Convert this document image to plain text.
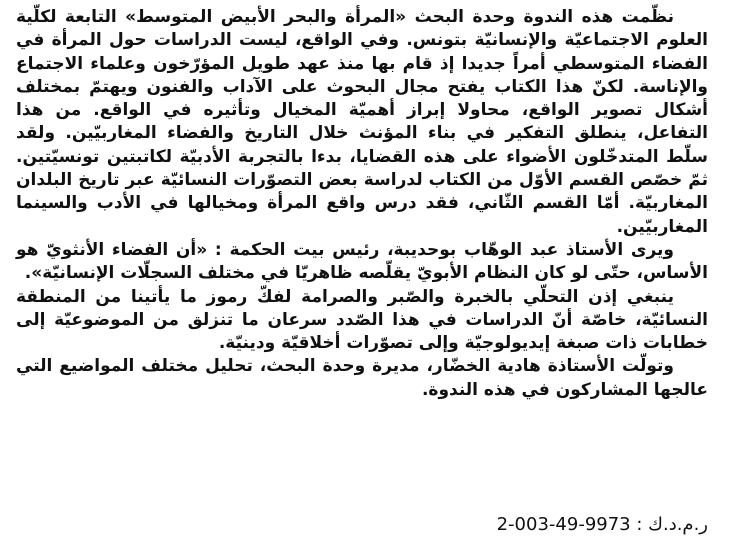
نظّمت هذه الندوة وحدة البحث «المرأة والبحر الأبيض المتوسط» التابعة لكلّية العلوم الاجتماعيّة والإنسانيّة بتونس. وفي الواقع، ليست الدراسات حول المرأة في الفضاء المتوسطي أمراً جديدا إذ قام بها منذ عهد طويل المؤرّخون وعلماء الاجتماع والإناسة. لكنّ هذا الكتاب يفتح مجال البحوث على الآداب والفنون ويهتمّ بمختلف أشكال تصوير الواقع، محاولا إبراز أهميّة المخيال وتأثيره في الواقع. من هذا التفاعل، ينطلق التفكير في بناء المؤنث خلال التاريخ والفضاء المغاربيّين. ولقد سلّط المتدخّلون الأضواء على هذه القضايا، بدءا بالتجربة الأدبيّة لكاتبتين تونسيّتين. ثمّ خصّص القسم الأوّل من الكتاب لدراسة بعض التصوّرات النسائيّة عبر تاريخ البلدان المغاربيّة. أمّا القسم الثّاني، فقد درس واقع المرأة ومخيالها في الأدب والسينما المغاربيّين.

ويرى الأستاذ عبد الوهّاب بوحديبة، رئيس بيت الحكمة : «أن الفضاء الأنثويّ هو الأساس، حتّى لو كان النظام الأبويّ يقلّصه ظاهريّا في مختلف السجلّات الإنسانيّة».

ينبغي إذن التحلّي بالخبرة والصّبر والصرامة لفكّ رموز ما يأتينا من المنطقة النسائيّة، خاصّة أنّ الدراسات في هذا الصّدد سرعان ما تنزلق من الموضوعيّة إلى خطابات ذات صبغة إيديولوجيّة وإلى تصوّرات أخلاقيّة ودينيّة.

وتولّت الأستاذة هادية الخضّار، مديرة وحدة البحث، تحليل مختلف المواضيع التي عالجها المشاركون في هذه الندوة.

ر.م.د.ك : 9973-49-003-2
